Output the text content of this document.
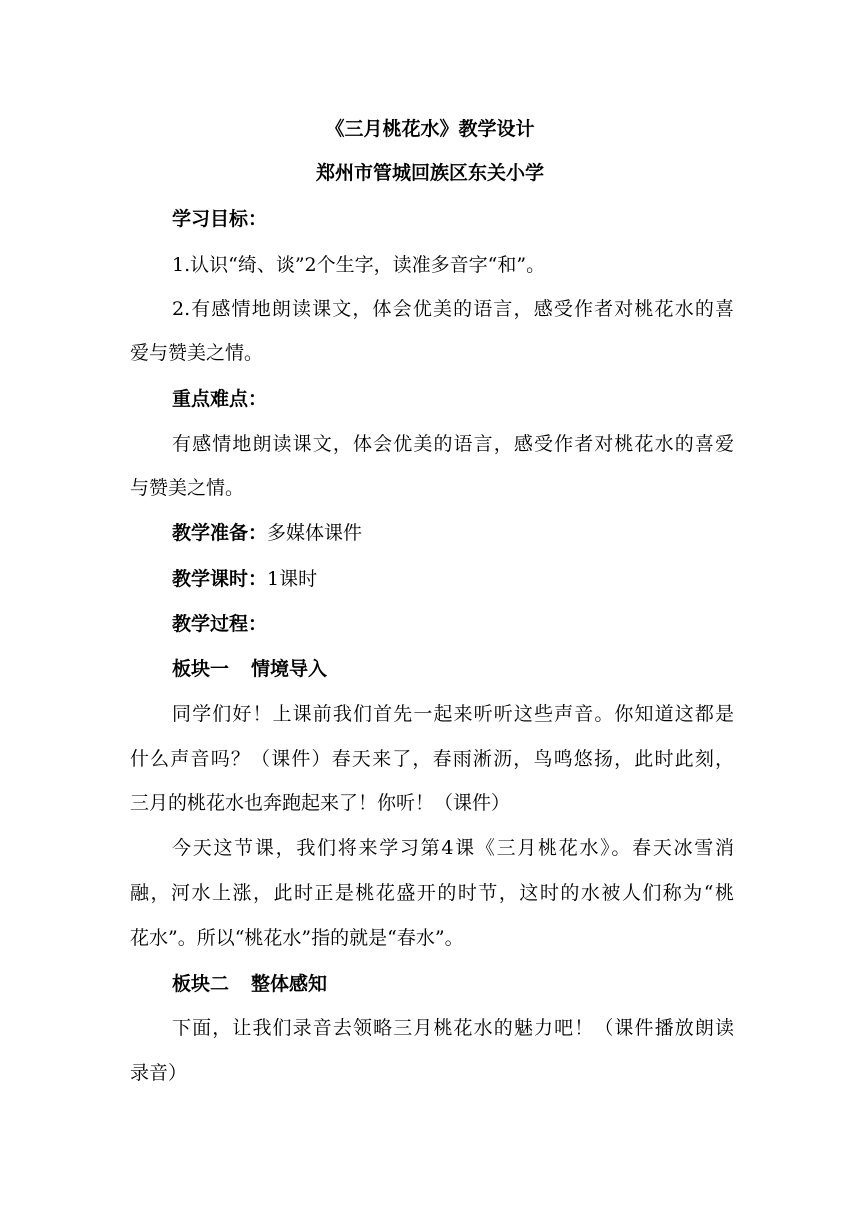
《三月桃花水》教学设计

郑州市管城回族区东关小学

学习目标：

1.认识“绮、谈”2个生字，读准多音字“和”。

2.有感情地朗读课文，体会优美的语言，感受作者对桃花水的喜

爱与赞美之情。

重点难点：

有感情地朗读课文，体会优美的语言，感受作者对桃花水的喜爱

与赞美之情。

教学准备：多媒体课件

教学课时：1课时

教学过程：

板块一 情境导入

同学们好！上课前我们首先一起来听听这些声音。你知道这都是

什么声音吗？（课件）春天来了，春雨淅沥，鸟鸣悠扬，此时此刻，

三月的桃花水也奔跑起来了！你听！（课件）

今天这节课，我们将来学习第4课《三月桃花水》。春天冰雪消

融，河水上涨，此时正是桃花盛开的时节，这时的水被人们称为“桃

花水”。所以“桃花水”指的就是“春水”。

板块二 整体感知

下面，让我们录音去领略三月桃花水的魅力吧！（课件播放朗读

录音）
